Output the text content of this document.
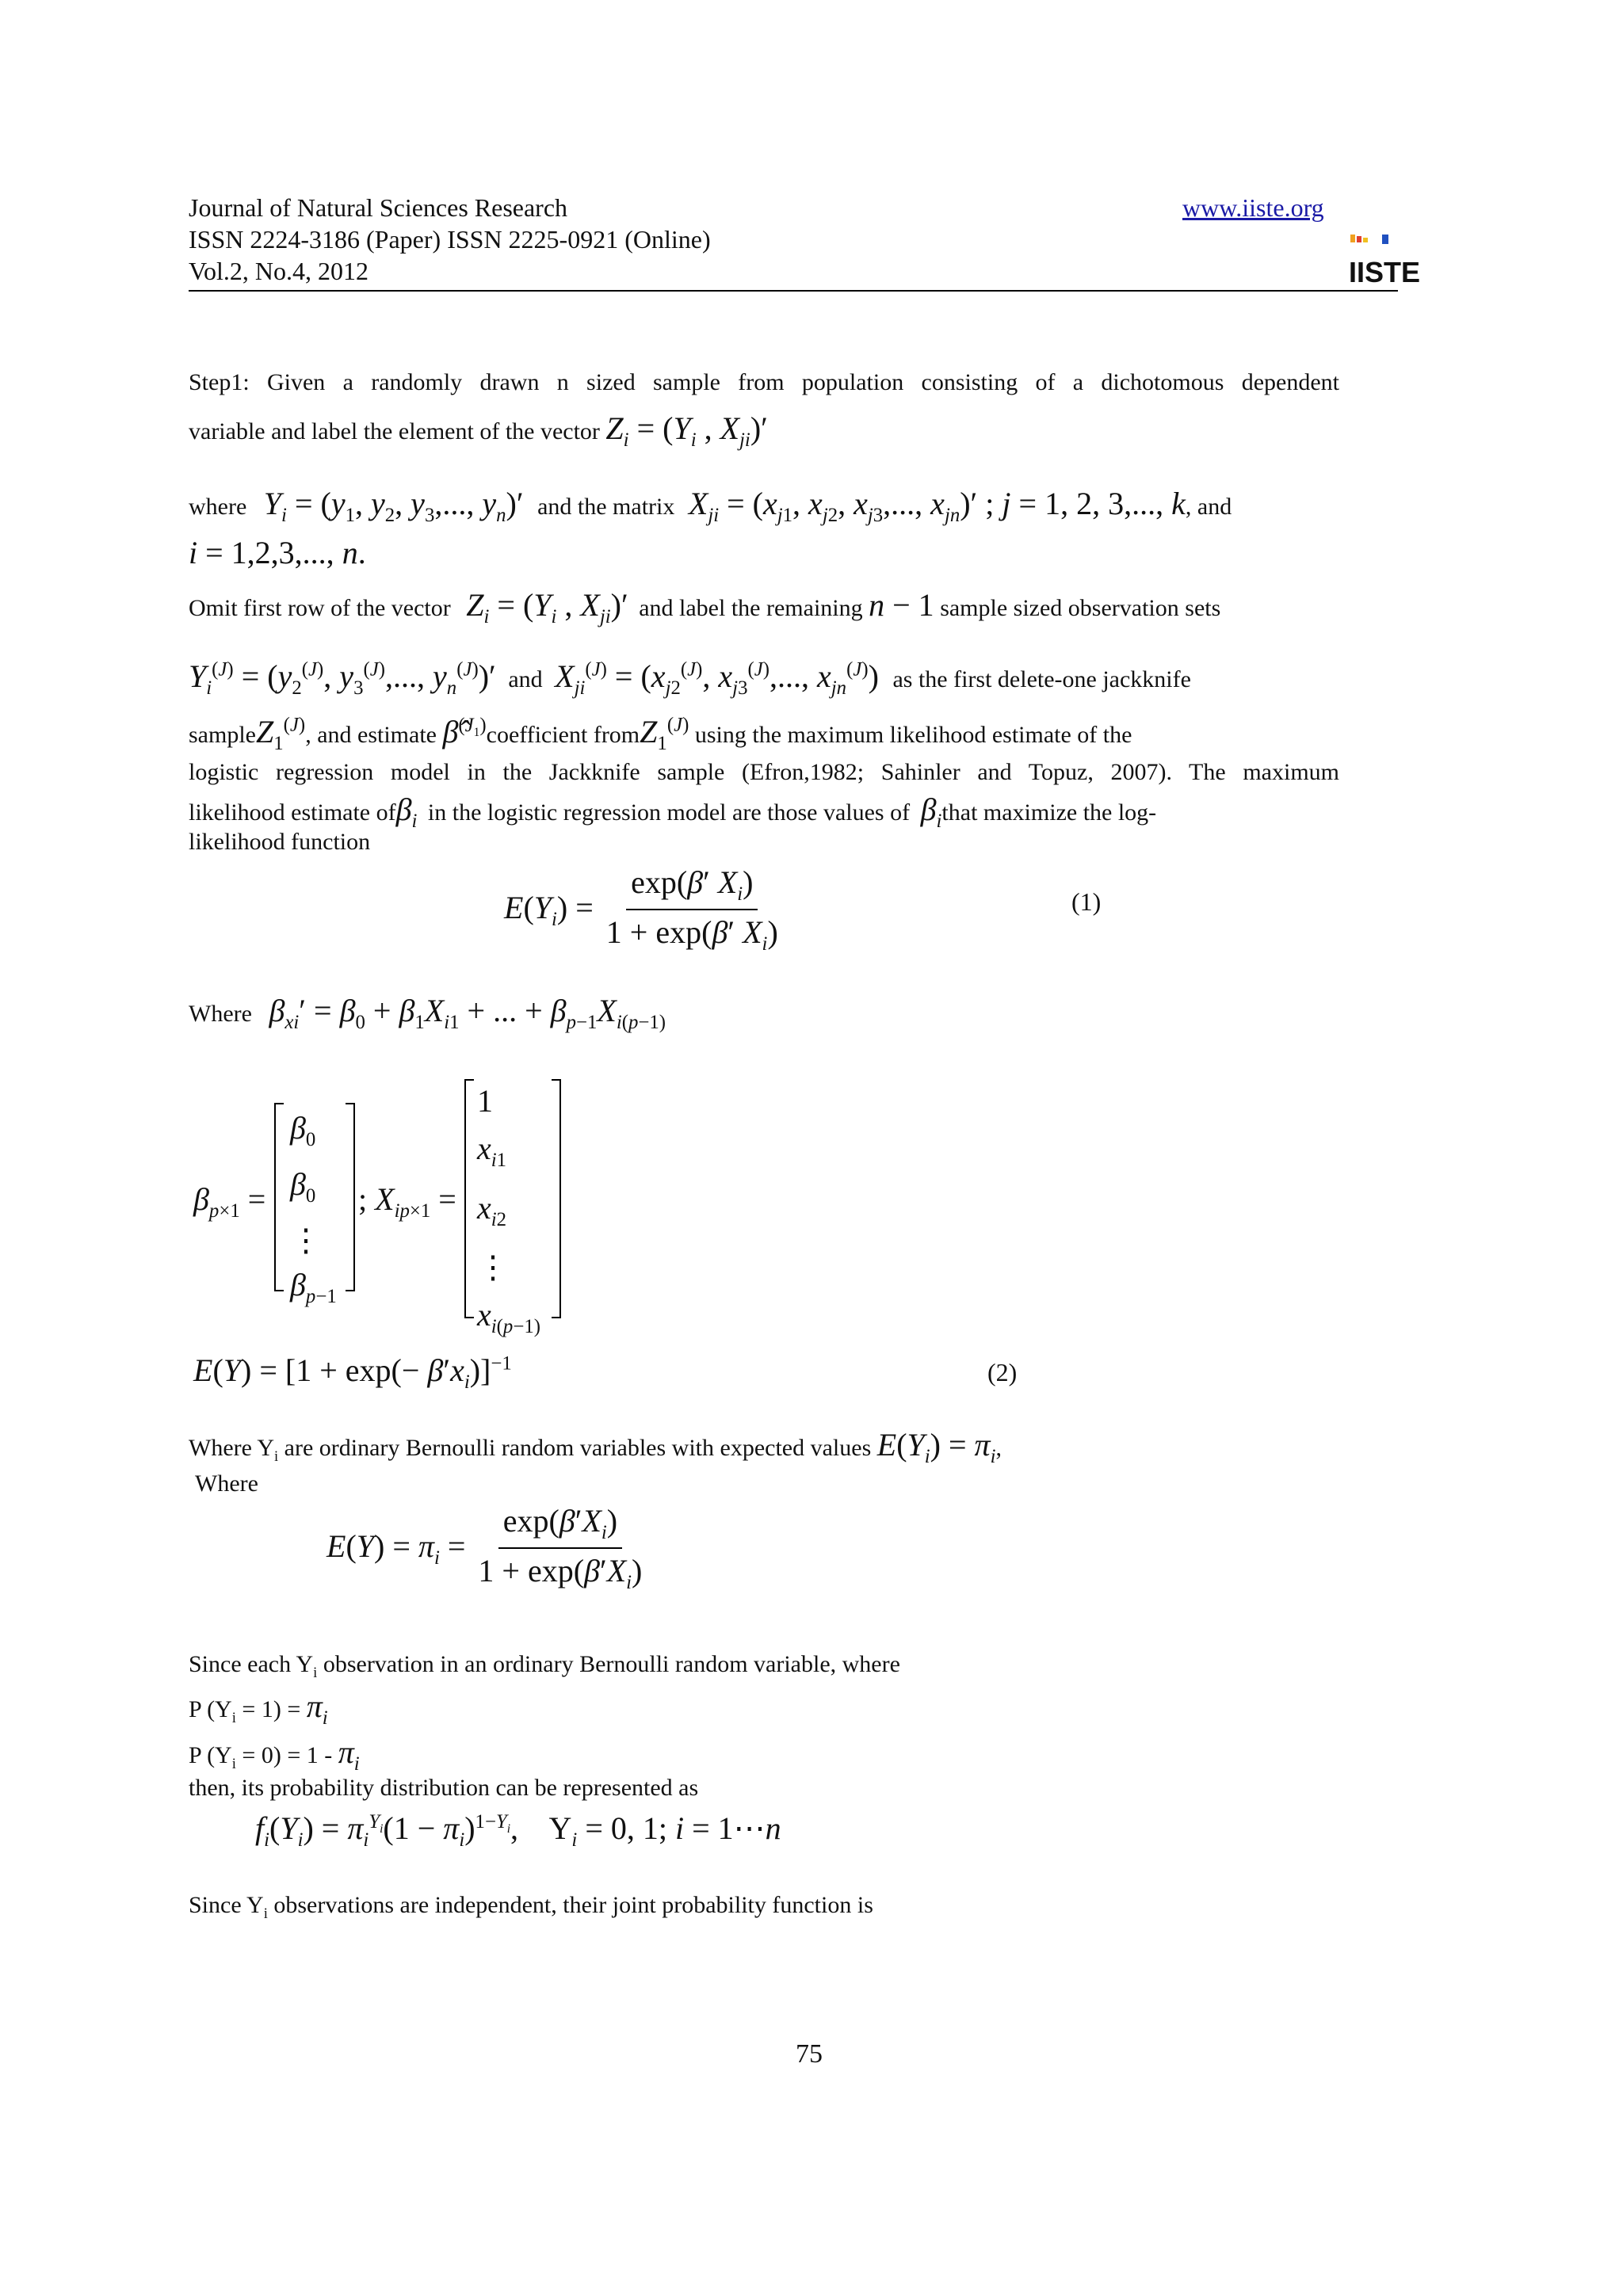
Journal of Natural Sciences Research
ISSN 2224-3186 (Paper) ISSN 2225-0921 (Online)
Vol.2, No.4, 2012
www.iiste.org
IISTE
Step1: Given a randomly drawn n sized sample from population consisting of a dichotomous dependent
variable and label the element of the vector $Z_i = (Y_i$ , $X_{ji})'$
where $Y_i = (y_1$, $y_2$, $y_3$,..., $y_n)'$ and the matrix $X_{ji} = (x_{j1}$, $x_{j2}$, $x_{j3}$,..., $x_{jn})'$ ; j = 1, 2, 3,..., k, and
i = 1,2,3,..., n.
Omit first row of the vector $Z_i = (Y_i$ , $X_{ji})'$ and label the remaining n − 1 sample sized observation sets
$Y_i^{(J)} = (y_2^{(J)}$, $y_3^{(J)}$,..., $y_n^{(J)})'$ and $X_{ji}^{(J)} = (x_{j2}^{(J)}$, $x_{j3}^{(J)}$,..., $x_{jn}^{(J)}$) as the first delete-one jackknife
sampleZ$_1^{(J)}$, and estimate β̂$^{(J_1)}$coefficient fromZ$_1^{(J)}$ using the maximum likelihood estimate of the
logistic regression model in the Jackknife sample (Efron,1982; Sahinler and Topuz, 2007). The maximum
likelihood estimate ofβ$_i$ in the logistic regression model are those values of $\beta_ithat$ maximize the log-
likelihood function
$E(Y_i) = \frac{\exp(\beta' X_i)}{1 + \exp(\beta' X_i)}$	(1)
Where $\beta_{xi}' = \beta_0 + \beta_1X_{i1}$ + ... + $\beta_{p-1}X_{i(p-1)}$
$\beta_{p\times 1}$ =
$\beta_0$
$\beta_0$
⋮
$\beta_{p-1}$
; $X_{ip\times 1}$ =
1
$x_{i1}$
$x_{i2}$
⋮
$x_{i(p-1)}$
$E(Y) = [1 + \exp(- \beta'x_i)]^{-1}$	(2)
Where $Y_i$ are ordinary Bernoulli random variables with expected values $E(Y_i) = \pi_i$,
Where
$E(Y) = \pi_i = \frac{\exp(\beta'X_i)}{1 + \exp(\beta'X_i)}$
Since each $Y_i$ observation in an ordinary Bernoulli random variable, where
P $(Y_i = 1) = \pi_i$
P $(Y_i = 0) = 1 - \pi_i$
then, its probability distribution can be represented as
$f_i(Y_i) = \pi_i^{Y_i}(1 - \pi_i)^{1-Y_i}$,    $Y_i = 0$, 1; i = 1⋯n
Since $Y_i$ observations are independent, their joint probability function is
75
